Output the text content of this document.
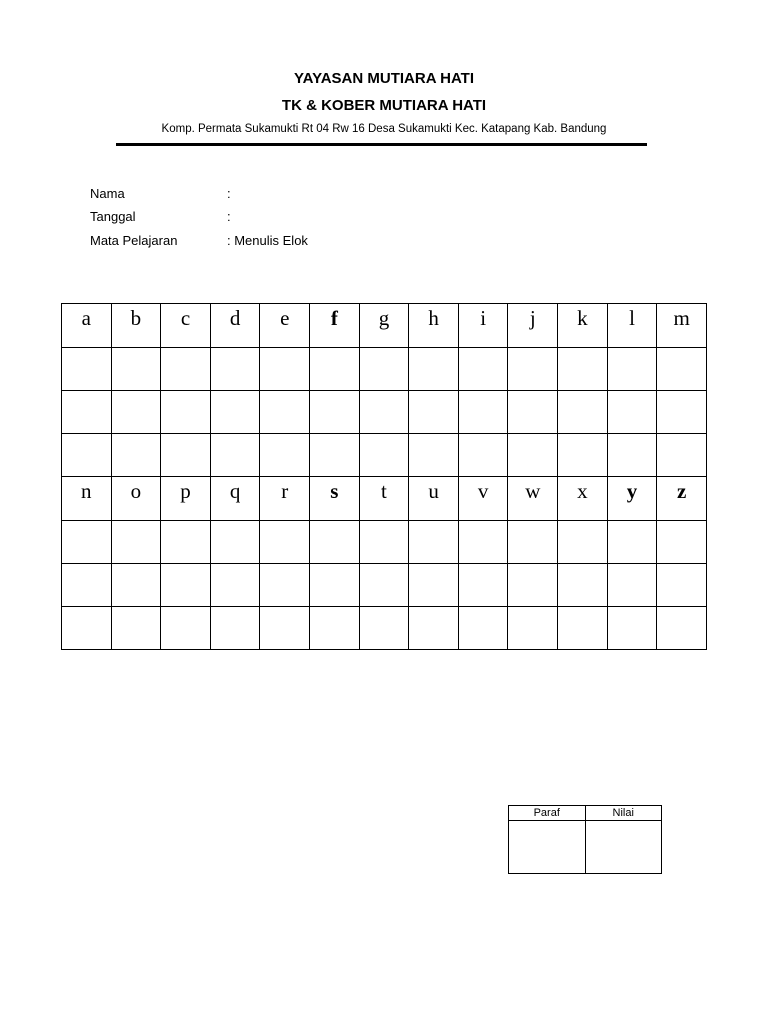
YAYASAN MUTIARA HATI
TK & KOBER MUTIARA HATI
Komp. Permata Sukamukti Rt 04 Rw 16 Desa Sukamukti Kec. Katapang Kab. Bandung
Nama	:
Tanggal	:
Mata Pelajaran	: Menulis Elok
a	b	c	d	e	f	g	h	i	j	k	l	m

n	o	p	q	r	s	t	u	v	w	x	y	z

Paraf	Nilai
